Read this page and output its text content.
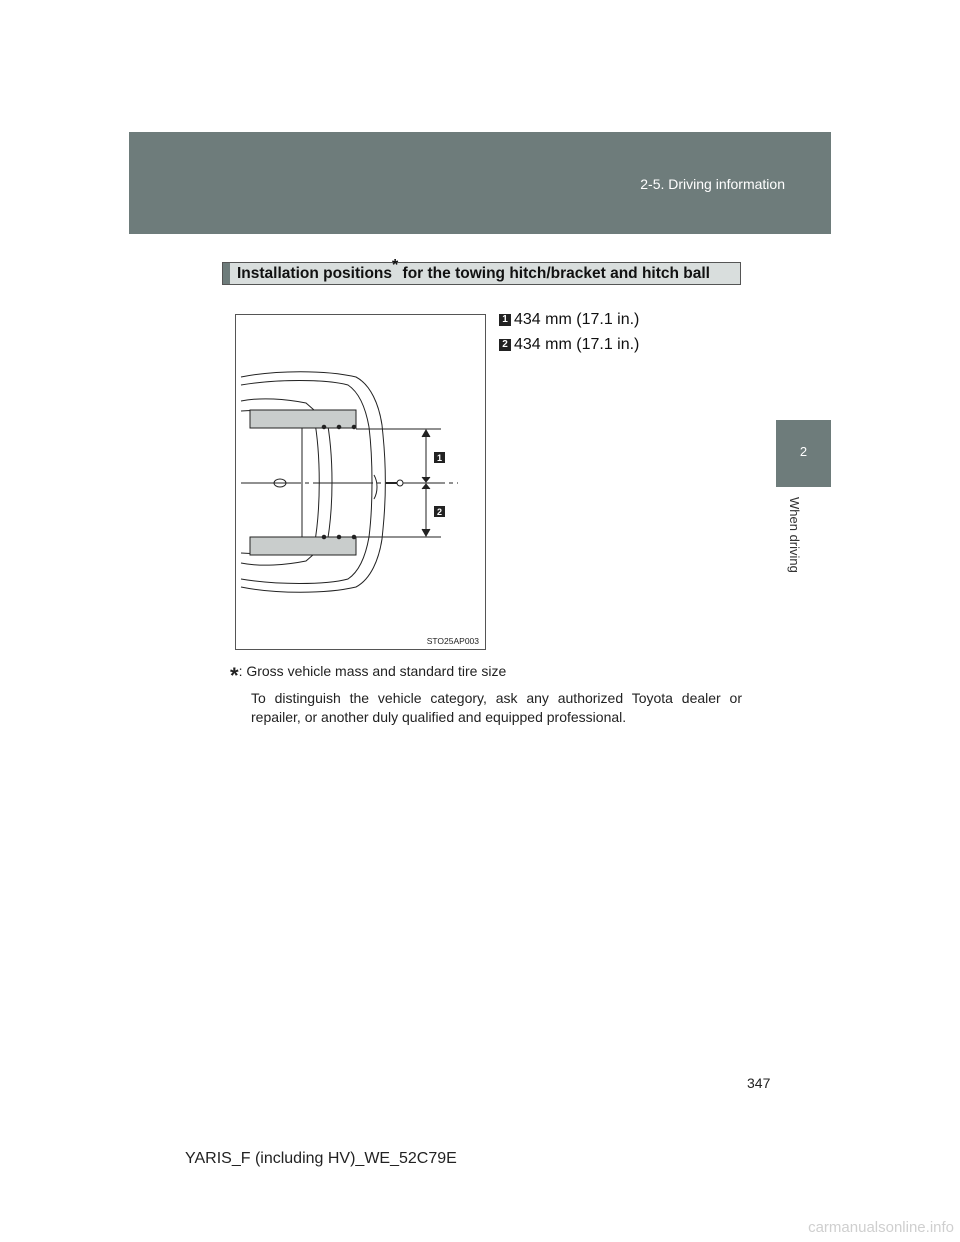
2-5. Driving information
2
When driving
Installation positions* for the towing hitch/bracket and hitch ball
1
2
STO25AP003
1 434 mm (17.1 in.)
2 434 mm (17.1 in.)
* : Gross vehicle mass and standard tire size
To distinguish the vehicle category, ask any authorized Toyota dealer or repailer, or another duly qualified and equipped professional.
347
YARIS_F (including HV)_WE_52C79E
carmanualsonline.info
